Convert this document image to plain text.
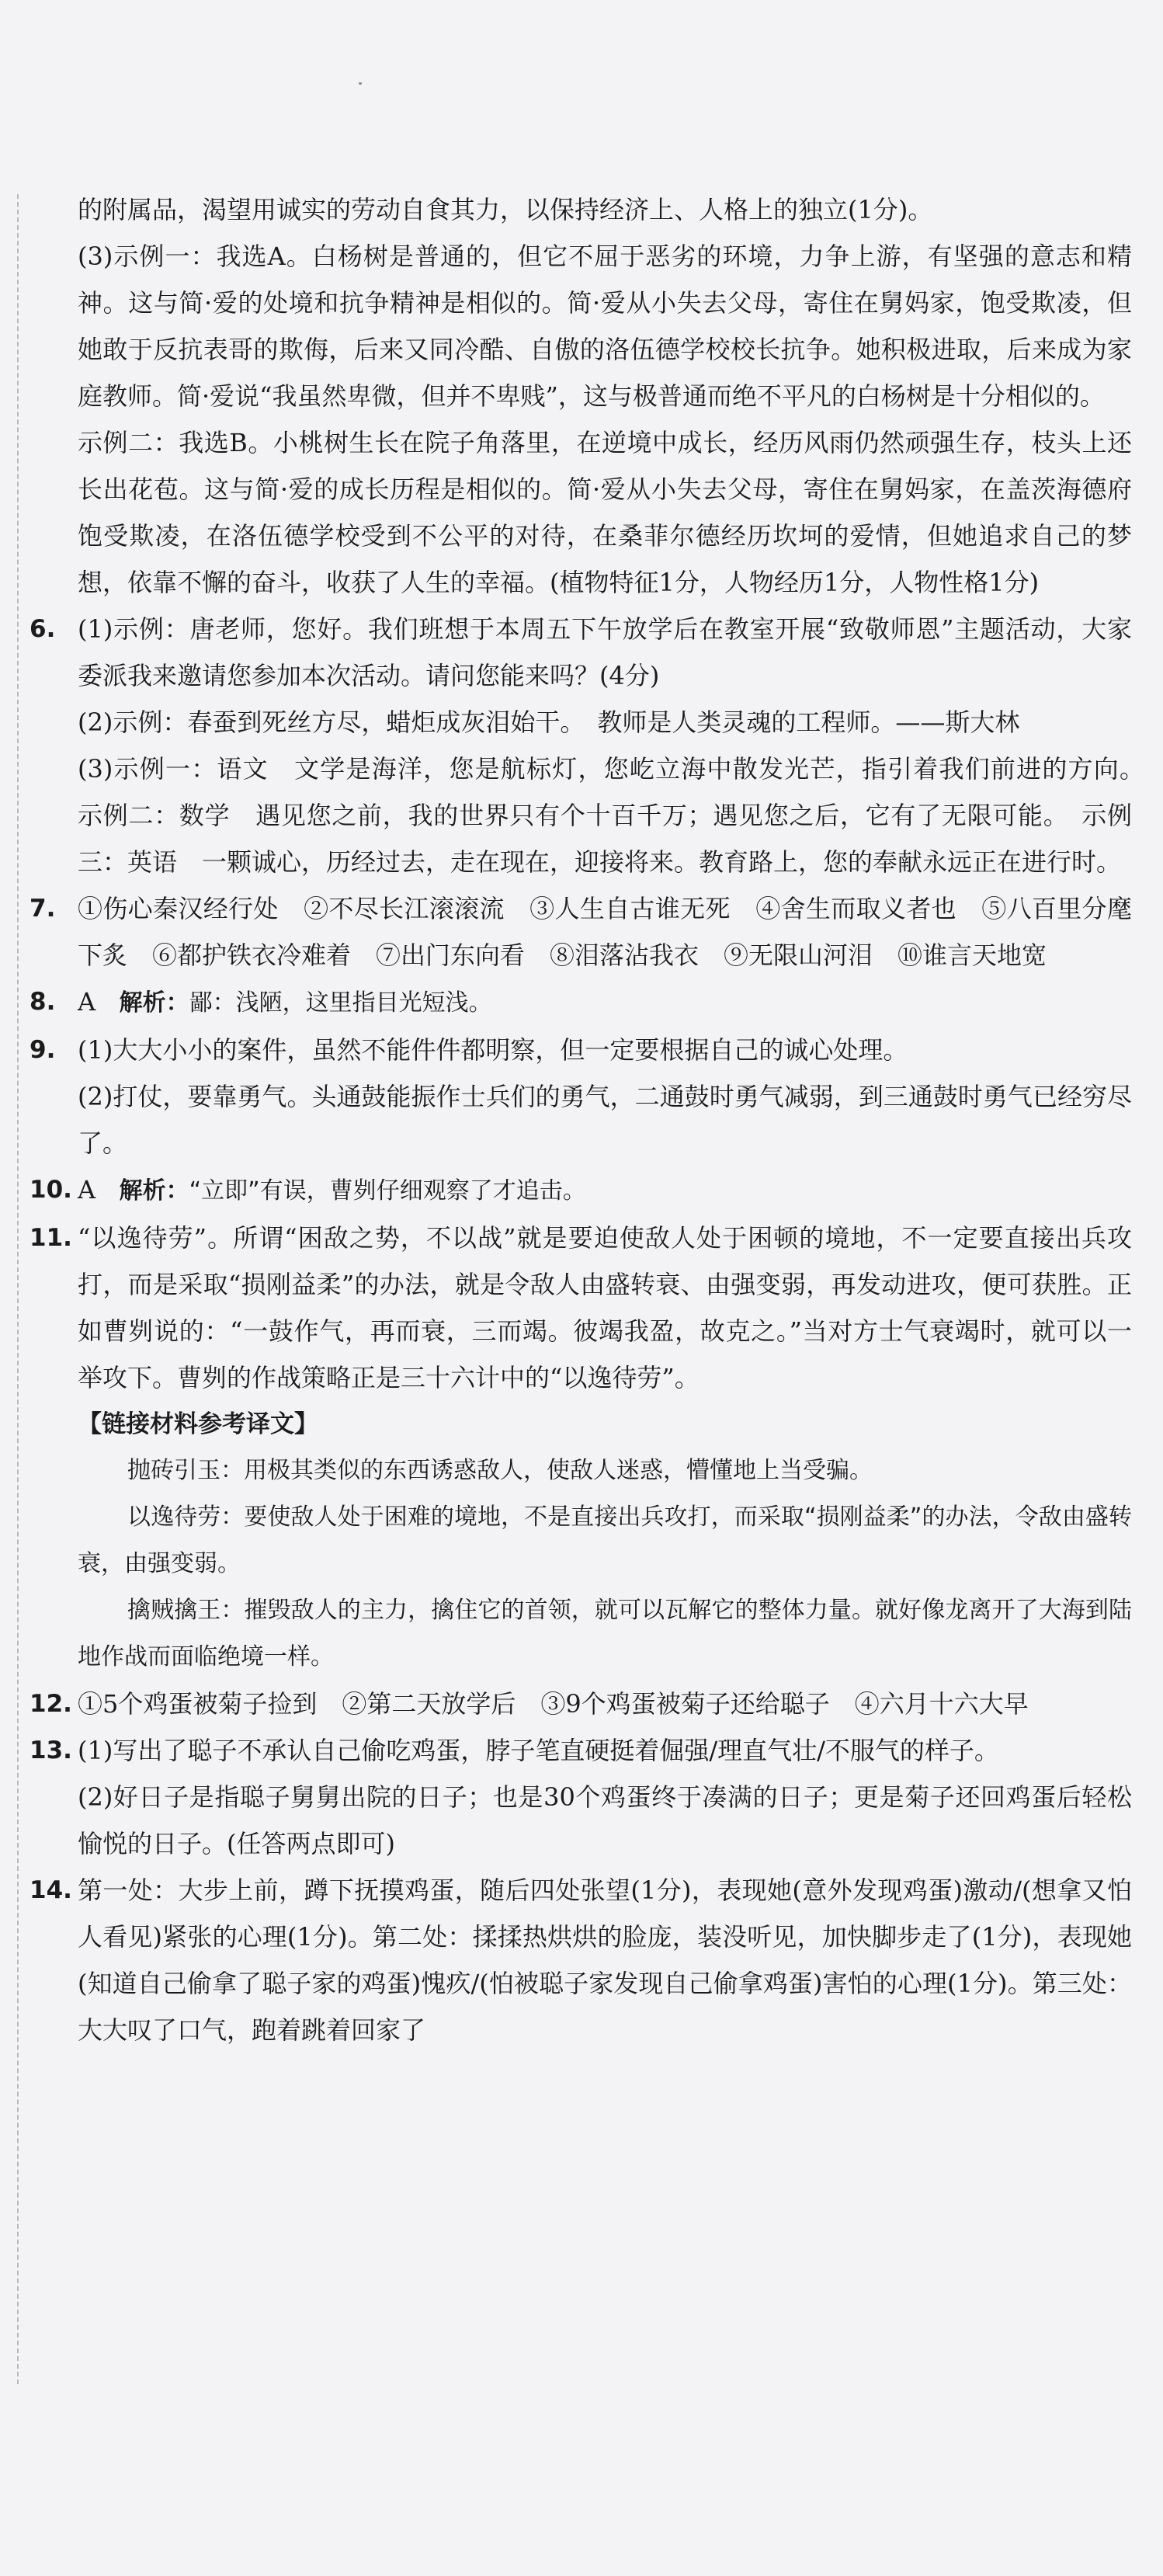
的附属品，渴望用诚实的劳动自食其力，以保持经济上、人格上的独立(1分)。

(3)示例一：我选A。白杨树是普通的，但它不屈于恶劣的环境，力争上游，有坚强的意志和精神。这与简·爱的处境和抗争精神是相似的。简·爱从小失去父母，寄住在舅妈家，饱受欺凌，但她敢于反抗表哥的欺侮，后来又同冷酷、自傲的洛伍德学校校长抗争。她积极进取，后来成为家庭教师。简·爱说“我虽然卑微，但并不卑贱”，这与极普通而绝不平凡的白杨树是十分相似的。

示例二：我选B。小桃树生长在院子角落里，在逆境中成长，经历风雨仍然顽强生存，枝头上还长出花苞。这与简·爱的成长历程是相似的。简·爱从小失去父母，寄住在舅妈家，在盖茨海德府饱受欺凌，在洛伍德学校受到不公平的对待，在桑菲尔德经历坎坷的爱情，但她追求自己的梦想，依靠不懈的奋斗，收获了人生的幸福。(植物特征1分，人物经历1分，人物性格1分)

6. (1)示例：唐老师，您好。我们班想于本周五下午放学后在教室开展“致敬师恩”主题活动，大家委派我来邀请您参加本次活动。请问您能来吗？(4分)

(2)示例：春蚕到死丝方尽，蜡炬成灰泪始干。　教师是人类灵魂的工程师。——斯大林

(3)示例一：语文　文学是海洋，您是航标灯，您屹立海中散发光芒，指引着我们前进的方向。　示例二：数学　遇见您之前，我的世界只有个十百千万；遇见您之后，它有了无限可能。　示例三：英语　一颗诚心，历经过去，走在现在，迎接将来。教育路上，您的奉献永远正在进行时。

7. ①伤心秦汉经行处　②不尽长江滚滚流　③人生自古谁无死　④舍生而取义者也　⑤八百里分麾下炙　⑥都护铁衣冷难着　⑦出门东向看　⑧泪落沾我衣　⑨无限山河泪　⑩谁言天地宽

8. A 解析：鄙：浅陋，这里指目光短浅。

9. (1)大大小小的案件，虽然不能件件都明察，但一定要根据自己的诚心处理。

(2)打仗，要靠勇气。头通鼓能振作士兵们的勇气，二通鼓时勇气减弱，到三通鼓时勇气已经穷尽了。

10. A 解析：“立即”有误，曹刿仔细观察了才追击。

11. “以逸待劳”。所谓“困敌之势，不以战”就是要迫使敌人处于困顿的境地，不一定要直接出兵攻打，而是采取“损刚益柔”的办法，就是令敌人由盛转衰、由强变弱，再发动进攻，便可获胜。正如曹刿说的：“一鼓作气，再而衰，三而竭。彼竭我盈，故克之。”当对方士气衰竭时，就可以一举攻下。曹刿的作战策略正是三十六计中的“以逸待劳”。

【链接材料参考译文】

抛砖引玉：用极其类似的东西诱惑敌人，使敌人迷惑，懵懂地上当受骗。

以逸待劳：要使敌人处于困难的境地，不是直接出兵攻打，而采取“损刚益柔”的办法，令敌由盛转衰，由强变弱。

擒贼擒王：摧毁敌人的主力，擒住它的首领，就可以瓦解它的整体力量。就好像龙离开了大海到陆地作战而面临绝境一样。

12. ①5个鸡蛋被菊子捡到　②第二天放学后　③9个鸡蛋被菊子还给聪子　④六月十六大早

13. (1)写出了聪子不承认自己偷吃鸡蛋，脖子笔直硬挺着倔强/理直气壮/不服气的样子。

(2)好日子是指聪子舅舅出院的日子；也是30个鸡蛋终于凑满的日子；更是菊子还回鸡蛋后轻松愉悦的日子。(任答两点即可)

14. 第一处：大步上前，蹲下抚摸鸡蛋，随后四处张望(1分)，表现她(意外发现鸡蛋)激动/(想拿又怕人看见)紧张的心理(1分)。第二处：揉揉热烘烘的脸庞，装没听见，加快脚步走了(1分)，表现她(知道自己偷拿了聪子家的鸡蛋)愧疚/(怕被聪子家发现自己偷拿鸡蛋)害怕的心理(1分)。第三处：大大叹了口气，跑着跳着回家了
